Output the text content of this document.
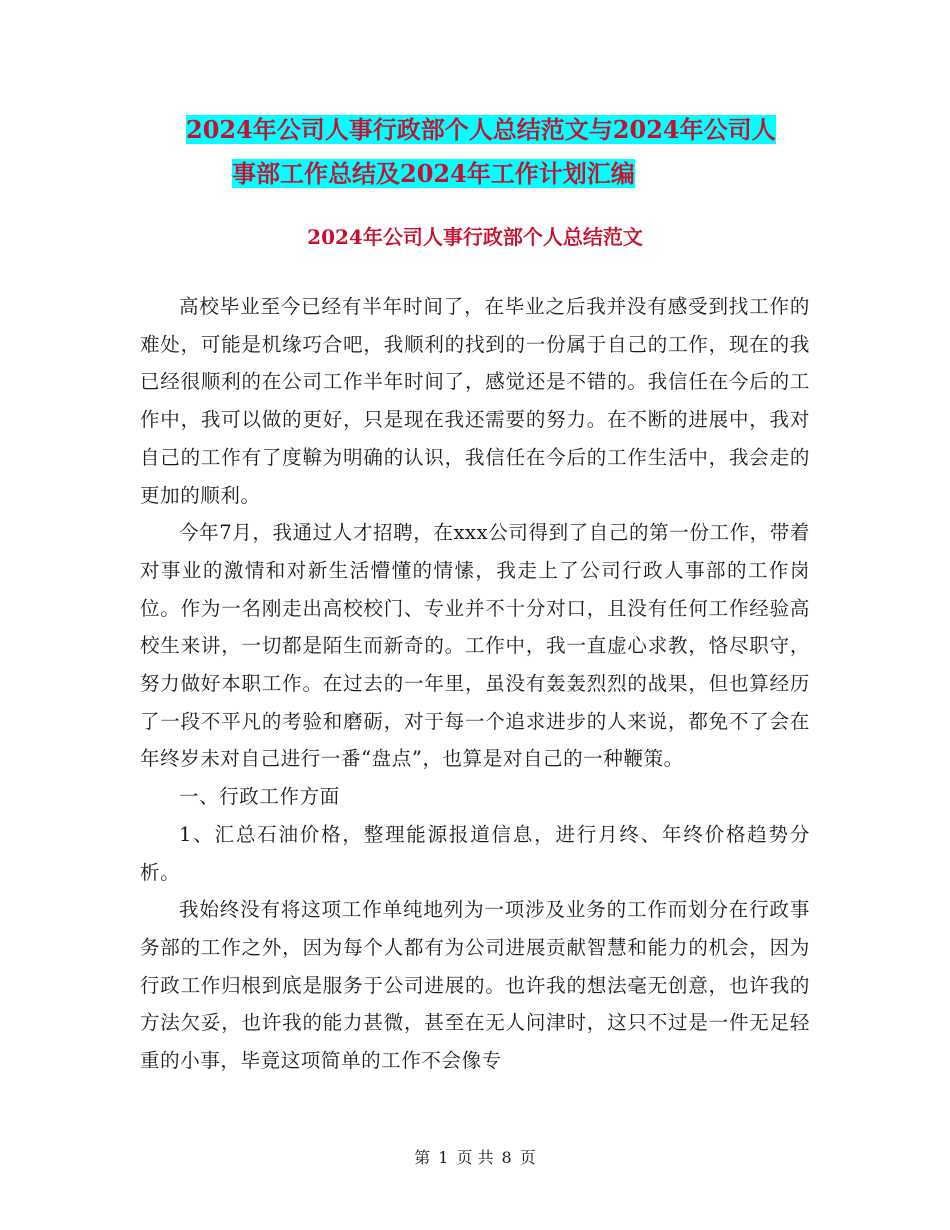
2024年公司人事行政部个人总结范文与2024年公司人
事部工作总结及2024年工作计划汇编
2024年公司人事行政部个人总结范文

高校毕业至今已经有半年时间了，在毕业之后我并没有感受到找工作的难处，可能是机缘巧合吧，我顺利的找到的一份属于自己的工作，现在的我已经很顺利的在公司工作半年时间了，感觉还是不错的。我信任在今后的工作中，我可以做的更好，只是现在我还需要的努力。在不断的进展中，我对自己的工作有了度鞥为明确的认识，我信任在今后的工作生活中，我会走的更加的顺利。

今年7月，我通过人才招聘，在xxx公司得到了自己的第一份工作，带着对事业的激情和对新生活懵懂的情愫，我走上了公司行政人事部的工作岗位。作为一名刚走出高校校门、专业并不十分对口，且没有任何工作经验高校生来讲，一切都是陌生而新奇的。工作中，我一直虚心求教，恪尽职守，努力做好本职工作。在过去的一年里，虽没有轰轰烈烈的战果，但也算经历了一段不平凡的考验和磨砺，对于每一个追求进步的人来说，都免不了会在年终岁未对自己进行一番“盘点”，也算是对自己的一种鞭策。

一、行政工作方面

1、汇总石油价格，整理能源报道信息，进行月终、年终价格趋势分析。

我始终没有将这项工作单纯地列为一项涉及业务的工作而划分在行政事务部的工作之外，因为每个人都有为公司进展贡献智慧和能力的机会，因为行政工作归根到底是服务于公司进展的。也许我的想法毫无创意，也许我的方法欠妥，也许我的能力甚微，甚至在无人问津时，这只不过是一件无足轻重的小事，毕竟这项简单的工作不会像专

第 1 页 共 8 页
